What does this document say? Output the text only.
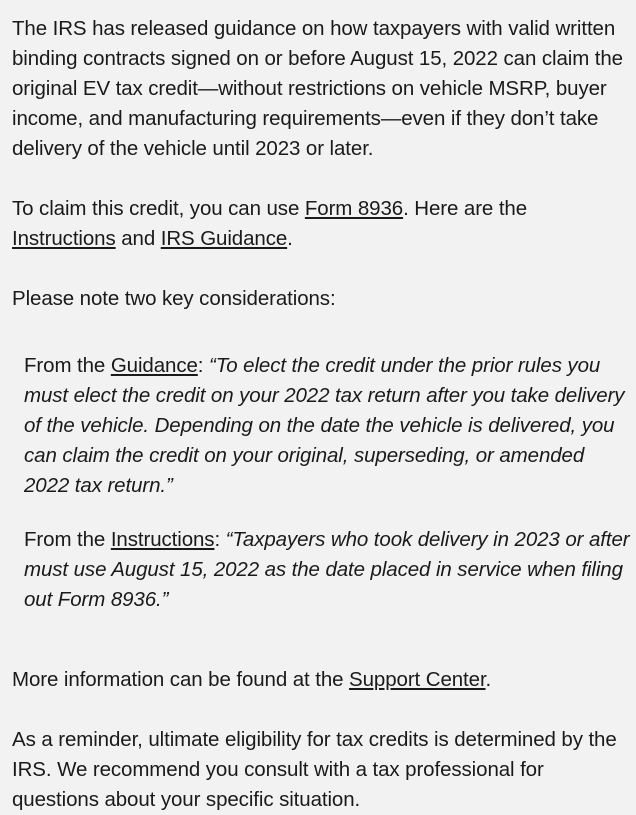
The IRS has released guidance on how taxpayers with valid written binding contracts signed on or before August 15, 2022 can claim the original EV tax credit—without restrictions on vehicle MSRP, buyer income, and manufacturing requirements—even if they don’t take delivery of the vehicle until 2023 or later.

To claim this credit, you can use Form 8936. Here are the Instructions and IRS Guidance.

Please note two key considerations:

From the Guidance: “To elect the credit under the prior rules you must elect the credit on your 2022 tax return after you take delivery of the vehicle. Depending on the date the vehicle is delivered, you can claim the credit on your original, superseding, or amended 2022 tax return.”

From the Instructions: “Taxpayers who took delivery in 2023 or after must use August 15, 2022 as the date placed in service when filing out Form 8936.”

More information can be found at the Support Center.

As a reminder, ultimate eligibility for tax credits is determined by the IRS. We recommend you consult with a tax professional for questions about your specific situation.
